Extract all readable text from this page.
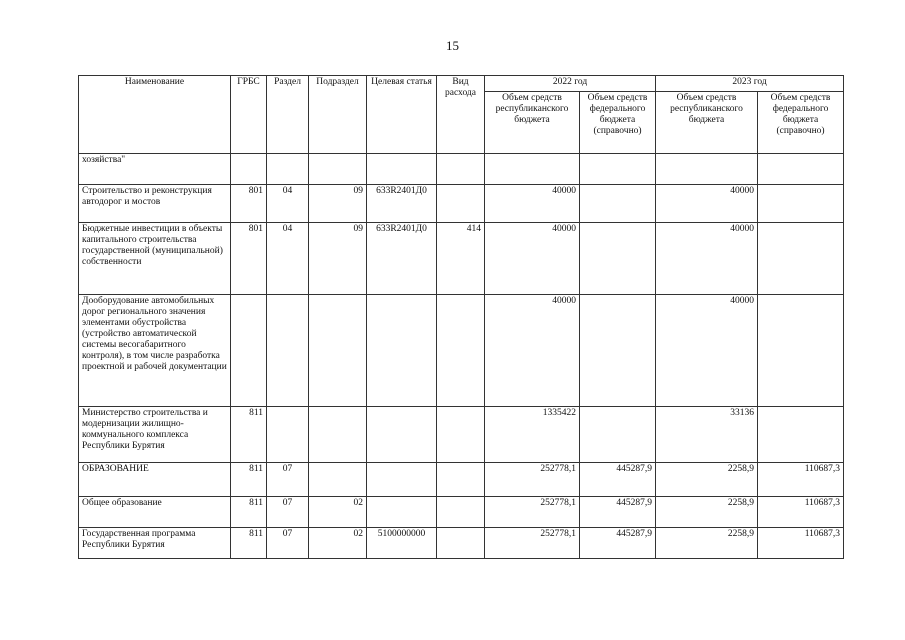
15
Наименование	ГРБС	Раздел	Подраздел	Целевая статья	Вид расхода	2022 год		2023 год	
						Объем средств республиканского бюджета	Объем средств федерального бюджета (справочно)	Объем средств республиканского бюджета	Объем средств федерального бюджета (справочно)
хозяйства"									
Строительство и реконструкция автодорог и мостов	801	04	09	633R2401Д0		40000		40000	
Бюджетные инвестиции в объекты капитального строительства государственной (муниципальной) собственности	801	04	09	633R2401Д0	414	40000		40000	
Дооборудование автомобильных дорог регионального значения элементами обустройства (устройство автоматической системы весогабаритного контроля), в том числе разработка проектной и рабочей документации						40000		40000	
Министерство строительства и модернизации жилищно-коммунального комплекса Республики Бурятия	811					1335422		33136	
ОБРАЗОВАНИЕ	811	07				252778,1	445287,9	2258,9	110687,3
Общее образование	811	07	02			252778,1	445287,9	2258,9	110687,3
Государственная программа Республики Бурятия	811	07	02	5100000000		252778,1	445287,9	2258,9	110687,3
